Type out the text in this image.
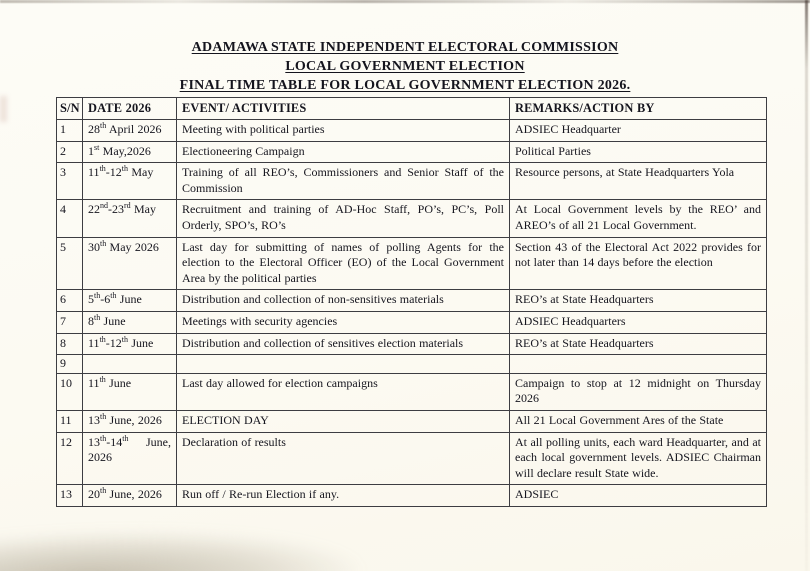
ADAMAWA STATE INDEPENDENT ELECTORAL COMMISSION
LOCAL GOVERNMENT ELECTION
FINAL TIME TABLE FOR LOCAL GOVERNMENT ELECTION 2026.
S/N	DATE 2026	EVENT/ ACTIVITIES	REMARKS/ACTION BY
1	28th April 2026	Meeting with political parties	ADSIEC Headquarter
2	1st May,2026	Electioneering Campaign	Political Parties
3	11th-12th May	Training of all REO’s, Commissioners and Senior Staff of the Commission	Resource persons, at State Headquarters Yola
4	22nd-23rd May	Recruitment and training of AD-Hoc Staff, PO’s, PC’s, Poll Orderly, SPO’s, RO’s	At Local Government levels by the REO’ and AREO’s of all 21 Local Government.
5	30th May 2026	Last day for submitting of names of polling Agents for the election to the Electoral Officer (EO) of the Local Government Area by the political parties	Section 43 of the Electoral Act 2022 provides for not later than 14 days before the election
6	5th-6th June	Distribution and collection of non-sensitives materials	REO’s at State Headquarters
7	8th June	Meetings with security agencies	ADSIEC Headquarters
8	11th-12th June	Distribution and collection of sensitives election materials	REO’s at State Headquarters
9			
10	11th June	Last day allowed for election campaigns	Campaign to stop at 12 midnight on Thursday 2026
11	13th June, 2026	ELECTION DAY	All 21 Local Government Ares of the State
12	13th-14th June, 2026	Declaration of results	At all polling units, each ward Headquarter, and at each local government levels. ADSIEC Chairman will declare result State wide.
13	20th June, 2026	Run off / Re-run Election if any.	ADSIEC
